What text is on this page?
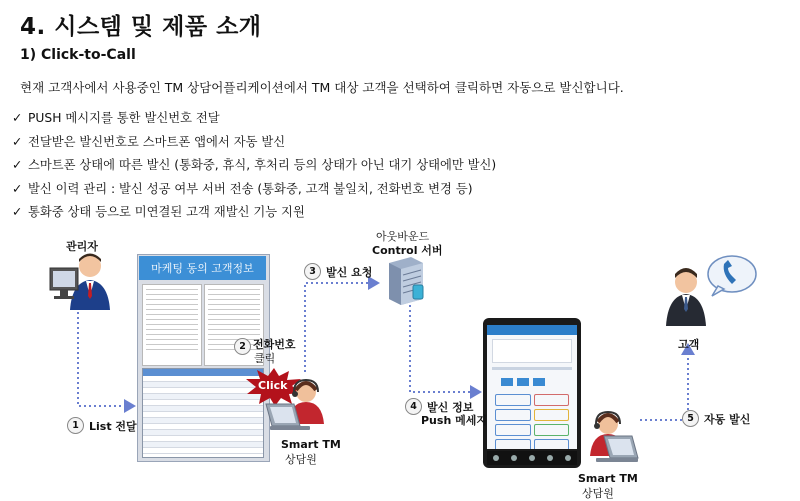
4. 시스템 및 제품 소개
1) Click-to-Call
현재 고객사에서 사용중인 TM 상담어플리케이션에서 TM 대상 고객을 선택하여 클릭하면 자동으로 발신합니다.
✓ PUSH 메시지를 통한 발신번호 전달
✓ 전달받은 발신번호로 스마트폰 앱에서 자동 발신
✓ 스마트폰 상태에 따른 발신 (통화중, 휴식, 후처리 등의 상태가 아닌 대기 상태에만 발신)
✓ 발신 이력 관리 : 발신 성공 여부 서버 전송 (통화중, 고객 불일치, 전화번호 변경 등)
✓ 통화중 상태 등으로 미연결된 고객 재발신 기능 지원
관리자
마케팅 동의 고객정보
Click
Smart TM
상담원
아웃바운드
Control 서버
Smart TM
상담원
고객
1 List 전달
2 전화번호
클릭
3 발신 요청
4 발신 정보
Push 메세지	5 자동 발신
